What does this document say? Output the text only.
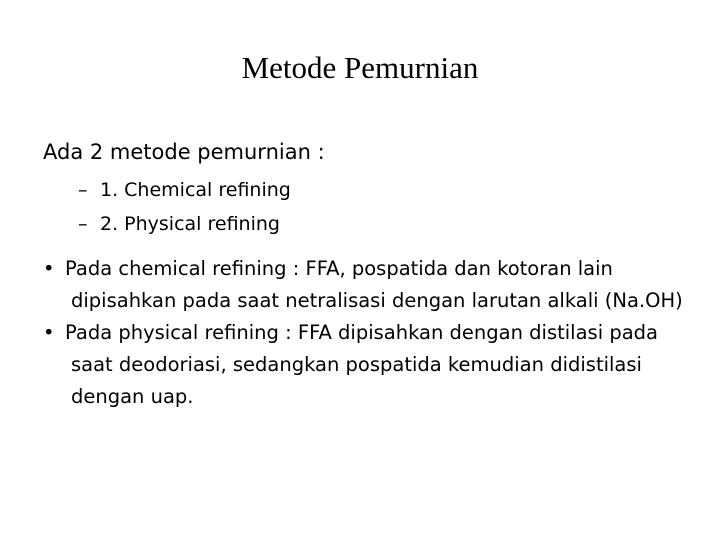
Metode Pemurnian

Ada 2 metode pemurnian :

– 1. Chemical refining
– 2. Physical refining

• Pada chemical refining : FFA, pospatida dan kotoran lain dipisahkan pada saat netralisasi dengan larutan alkali (Na.OH)

• Pada physical refining : FFA dipisahkan dengan distilasi pada saat deodoriasi, sedangkan pospatida kemudian didistilasi dengan uap.
